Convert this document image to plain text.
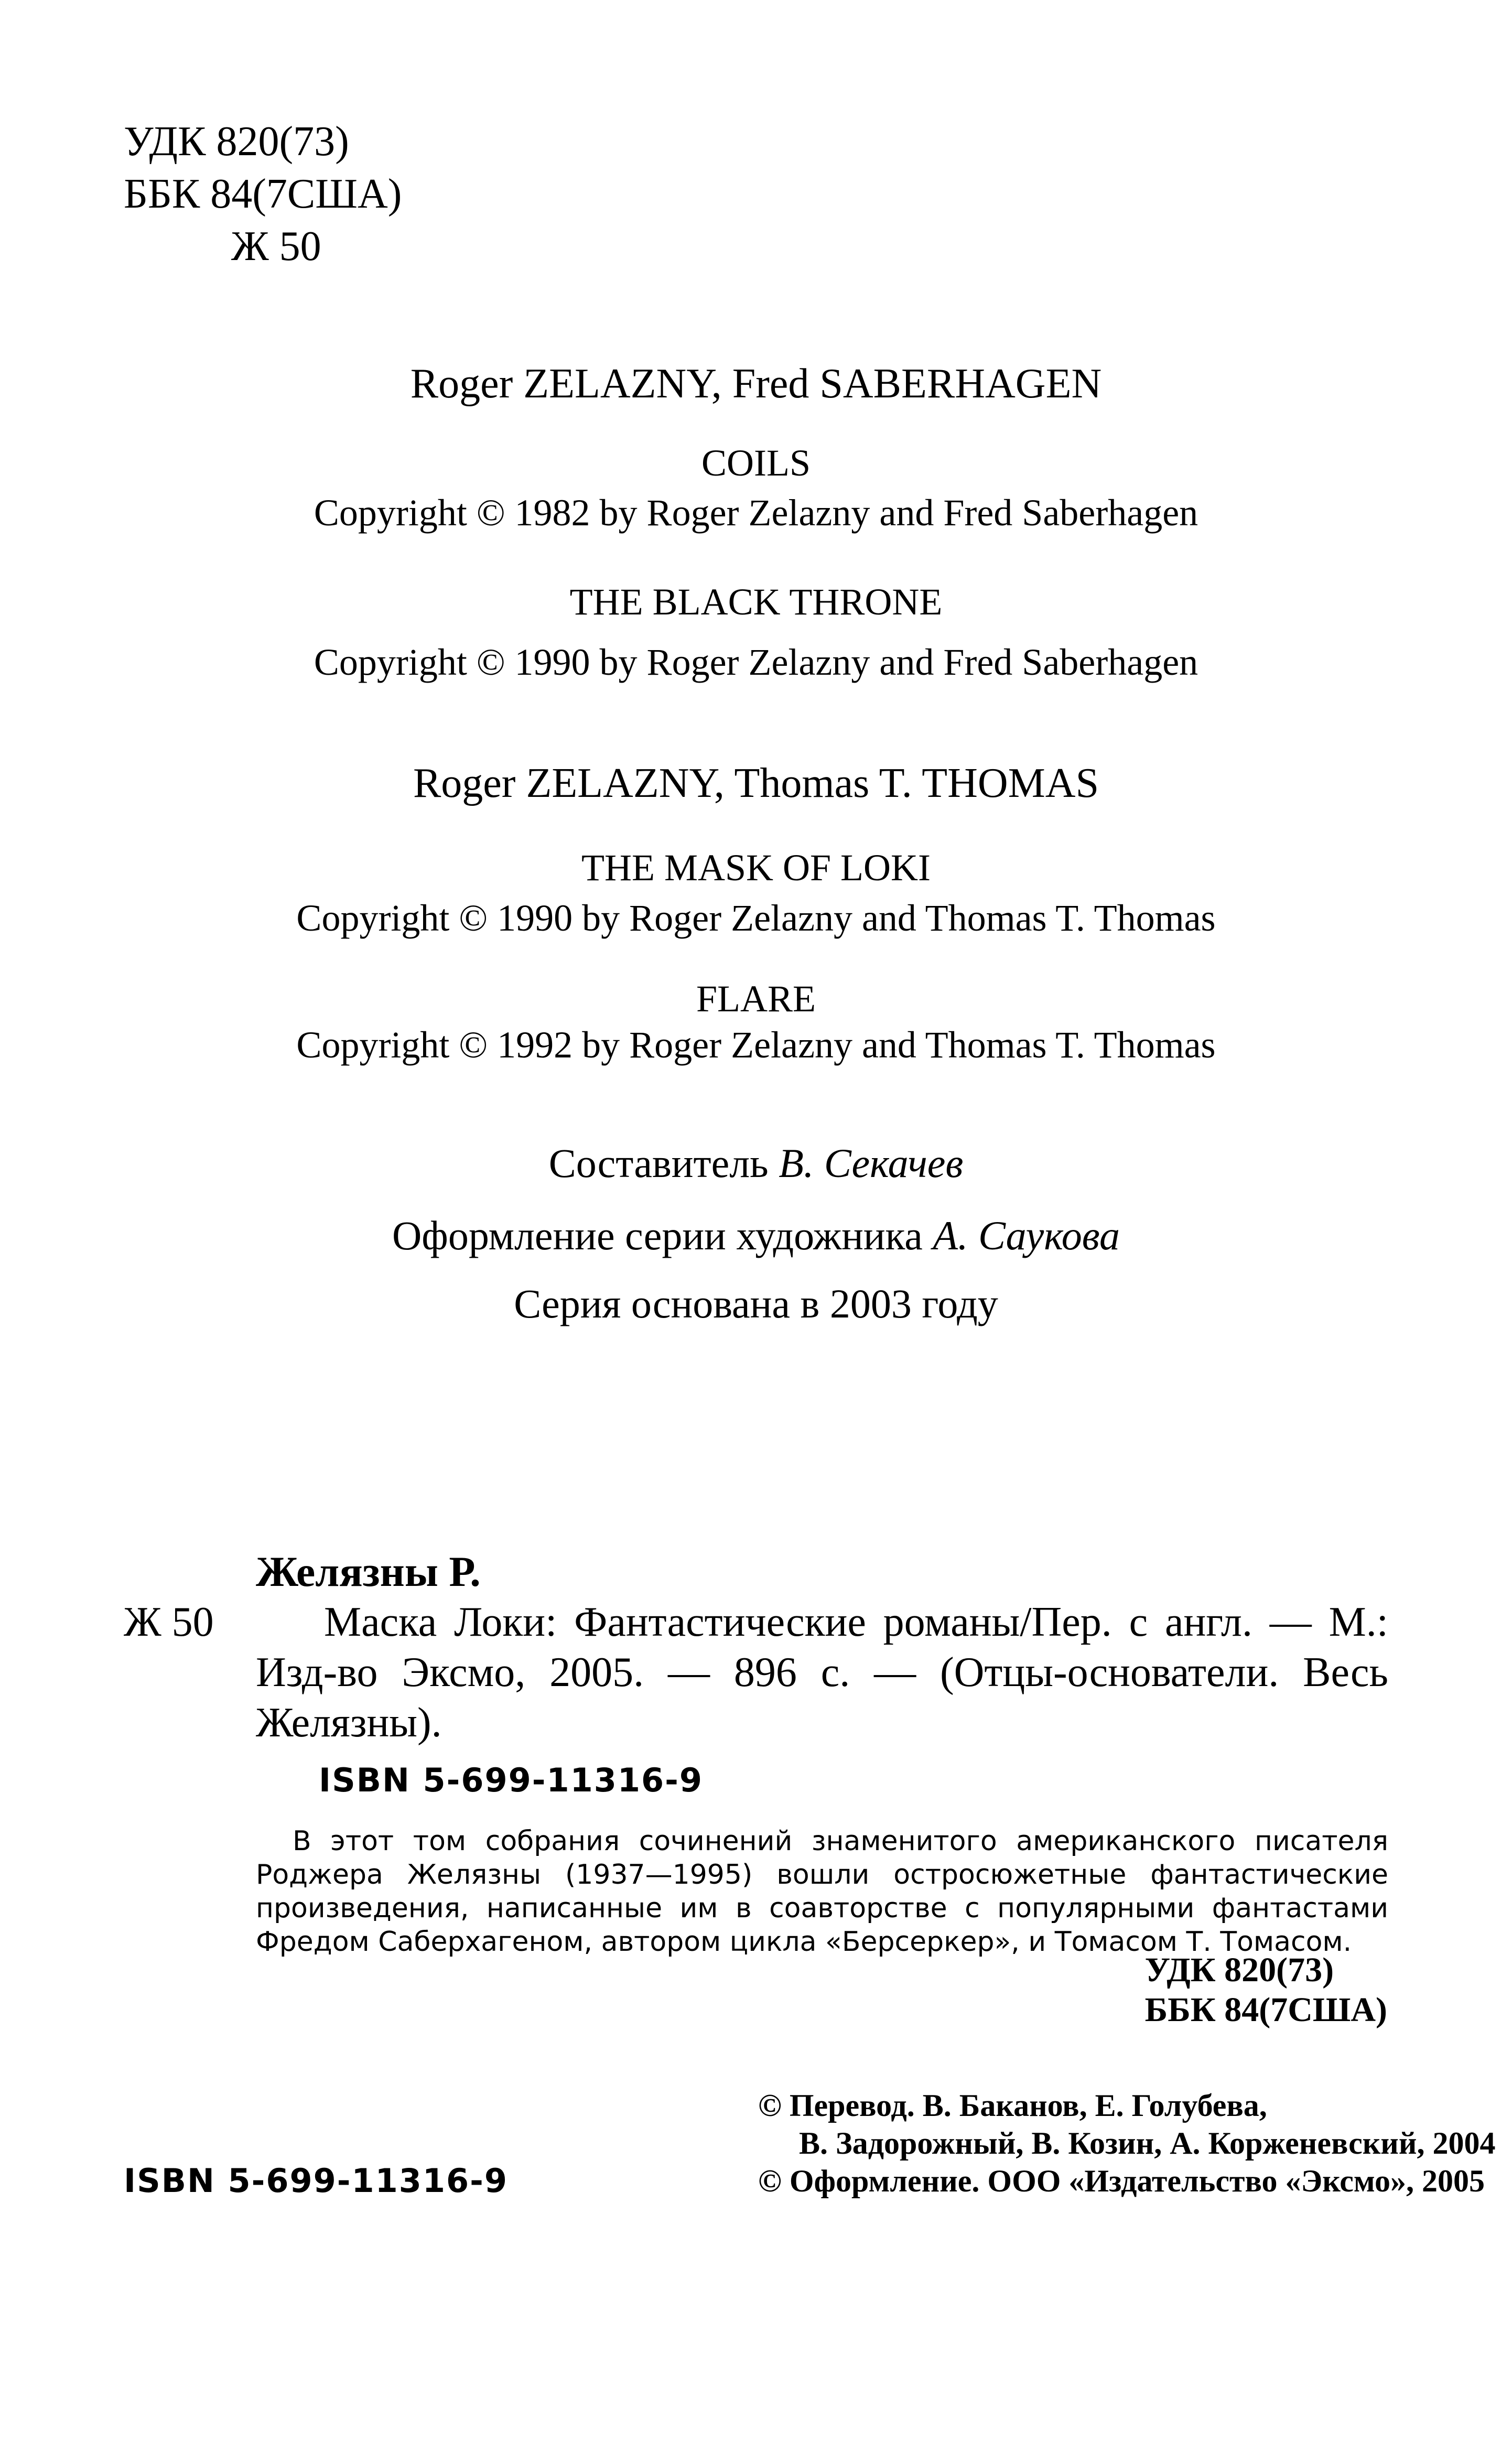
УДК 820(73)
ББК 84(7США)
Ж 50
Roger ZELAZNY, Fred SABERHAGEN
COILS
Copyright © 1982 by Roger Zelazny and Fred Saberhagen
THE BLACK THRONE
Copyright © 1990 by Roger Zelazny and Fred Saberhagen
Roger ZELAZNY, Thomas T. THOMAS
THE MASK OF LOKI
Copyright © 1990 by Roger Zelazny and Thomas T. Thomas
FLARE
Copyright © 1992 by Roger Zelazny and Thomas T. Thomas
Составитель В. Секачев
Оформление серии художника А. Саукова
Серия основана в 2003 году
Желязны Р.
Ж 50	Маска Локи: Фантастические романы/Пер. с англ. — М.: Изд-во Эксмо, 2005. — 896 с. — (Отцы-основатели. Весь Желязны).
ISBN 5-699-11316-9
В этот том собрания сочинений знаменитого американского писателя Роджера Желязны (1937—1995) вошли остросюжетные фантастические произведения, написанные им в соавторстве с популярными фантастами Фредом Саберхагеном, автором цикла «Берсеркер», и Томасом Т. Томасом.
УДК 820(73)
ББК 84(7США)
ISBN 5-699-11316-9
© Перевод. В. Баканов, Е. Голубева,
В. Задорожный, В. Козин, А. Корженевский, 2004
© Оформление. ООО «Издательство «Эксмо», 2005
